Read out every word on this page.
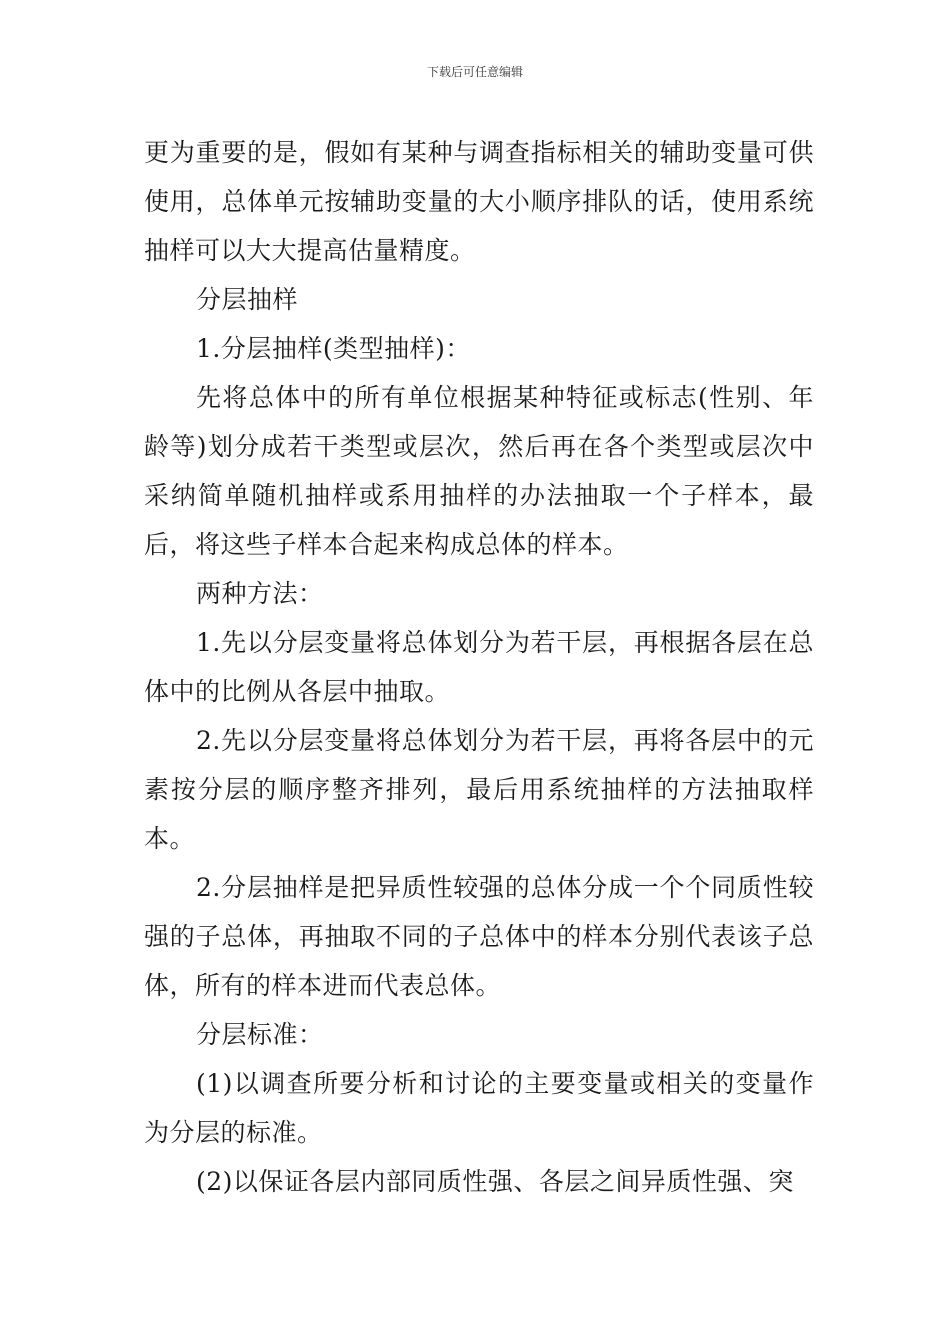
下载后可任意编辑

更为重要的是，假如有某种与调查指标相关的辅助变量可供使用，总体单元按辅助变量的大小顺序排队的话，使用系统抽样可以大大提高估量精度。

分层抽样

1.分层抽样(类型抽样)：

先将总体中的所有单位根据某种特征或标志(性别、年龄等)划分成若干类型或层次，然后再在各个类型或层次中采纳简单随机抽样或系用抽样的办法抽取一个子样本，最后，将这些子样本合起来构成总体的样本。

两种方法：

1.先以分层变量将总体划分为若干层，再根据各层在总体中的比例从各层中抽取。

2.先以分层变量将总体划分为若干层，再将各层中的元素按分层的顺序整齐排列，最后用系统抽样的方法抽取样本。

2.分层抽样是把异质性较强的总体分成一个个同质性较强的子总体，再抽取不同的子总体中的样本分别代表该子总体，所有的样本进而代表总体。

分层标准：

(1)以调查所要分析和讨论的主要变量或相关的变量作为分层的标准。

(2)以保证各层内部同质性强、各层之间异质性强、突
